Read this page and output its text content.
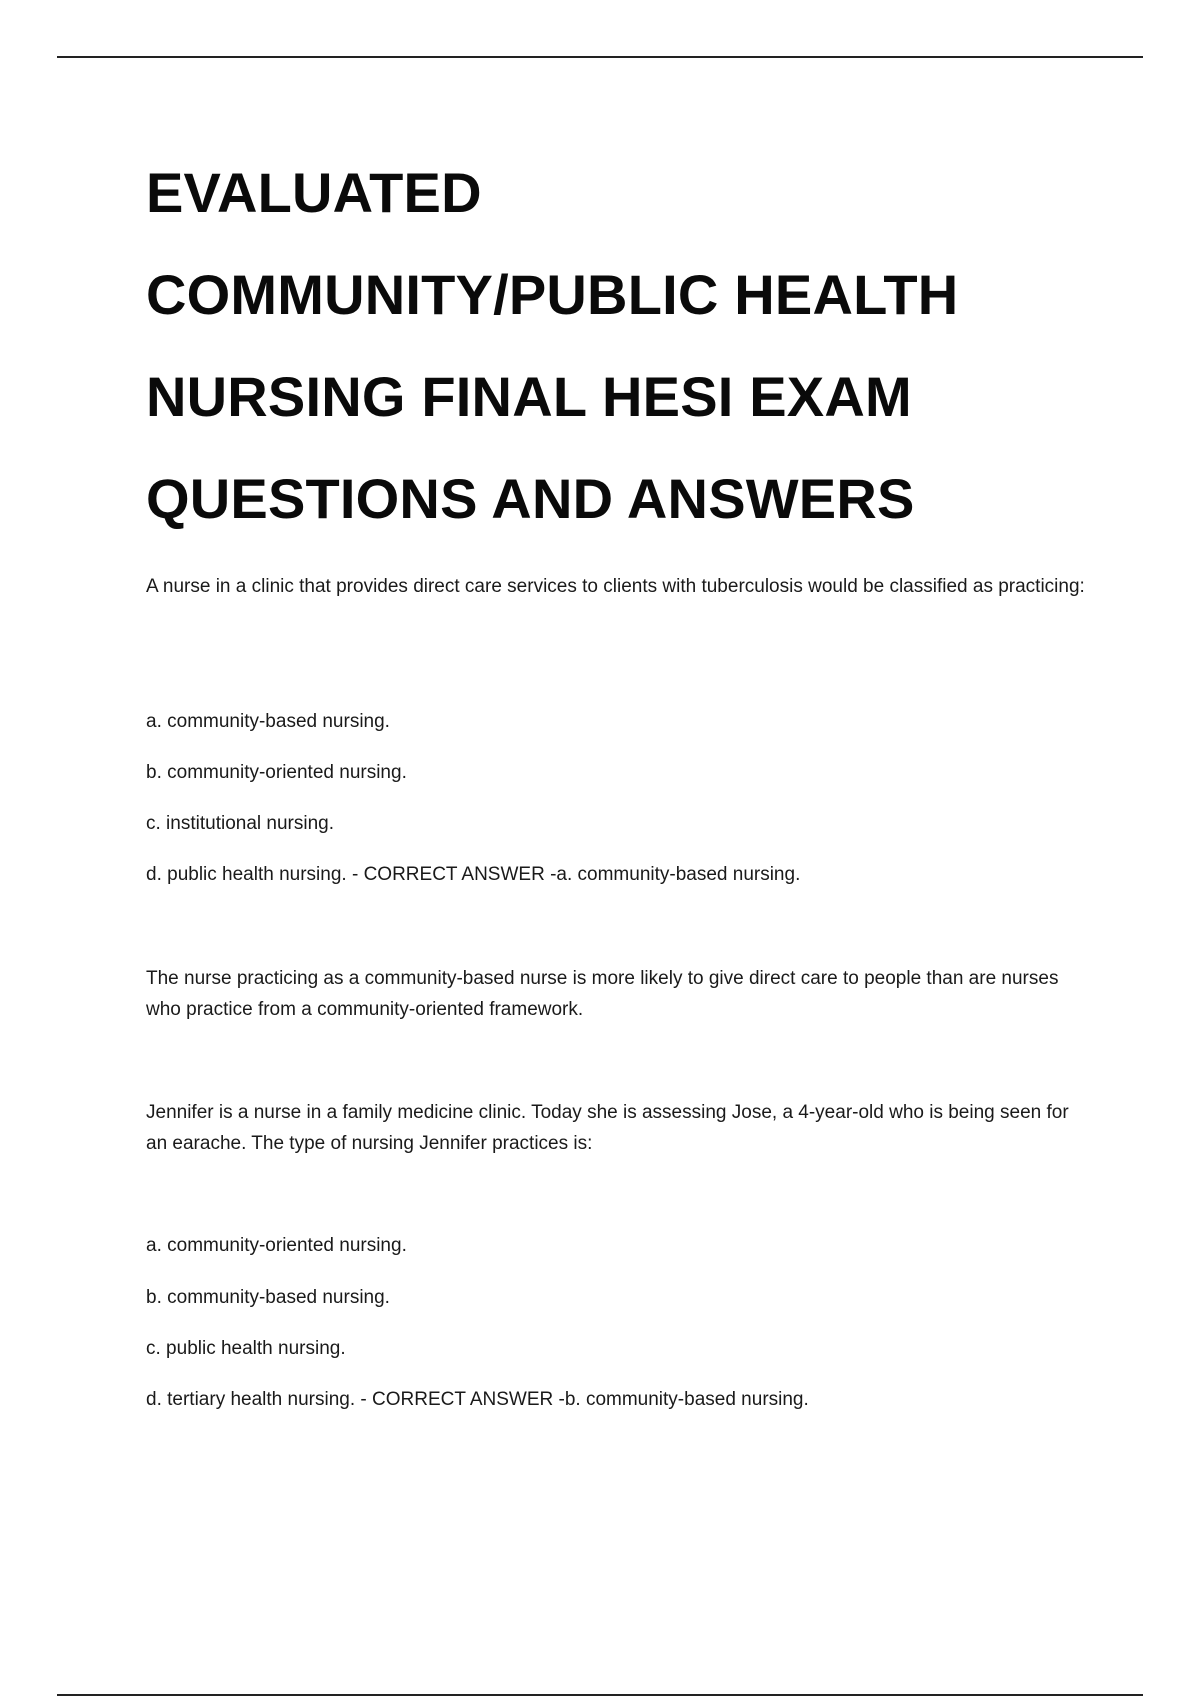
EVALUATED
COMMUNITY/PUBLIC HEALTH
NURSING FINAL HESI EXAM
QUESTIONS AND ANSWERS

A nurse in a clinic that provides direct care services to clients with tuberculosis would be classified as practicing:

a. community-based nursing.

b. community-oriented nursing.

c. institutional nursing.

d. public health nursing. - CORRECT ANSWER -a. community-based nursing.

The nurse practicing as a community-based nurse is more likely to give direct care to people than are nurses who practice from a community-oriented framework.

Jennifer is a nurse in a family medicine clinic. Today she is assessing Jose, a 4-year-old who is being seen for an earache. The type of nursing Jennifer practices is:

a. community-oriented nursing.

b. community-based nursing.

c. public health nursing.

d. tertiary health nursing. - CORRECT ANSWER -b. community-based nursing.
